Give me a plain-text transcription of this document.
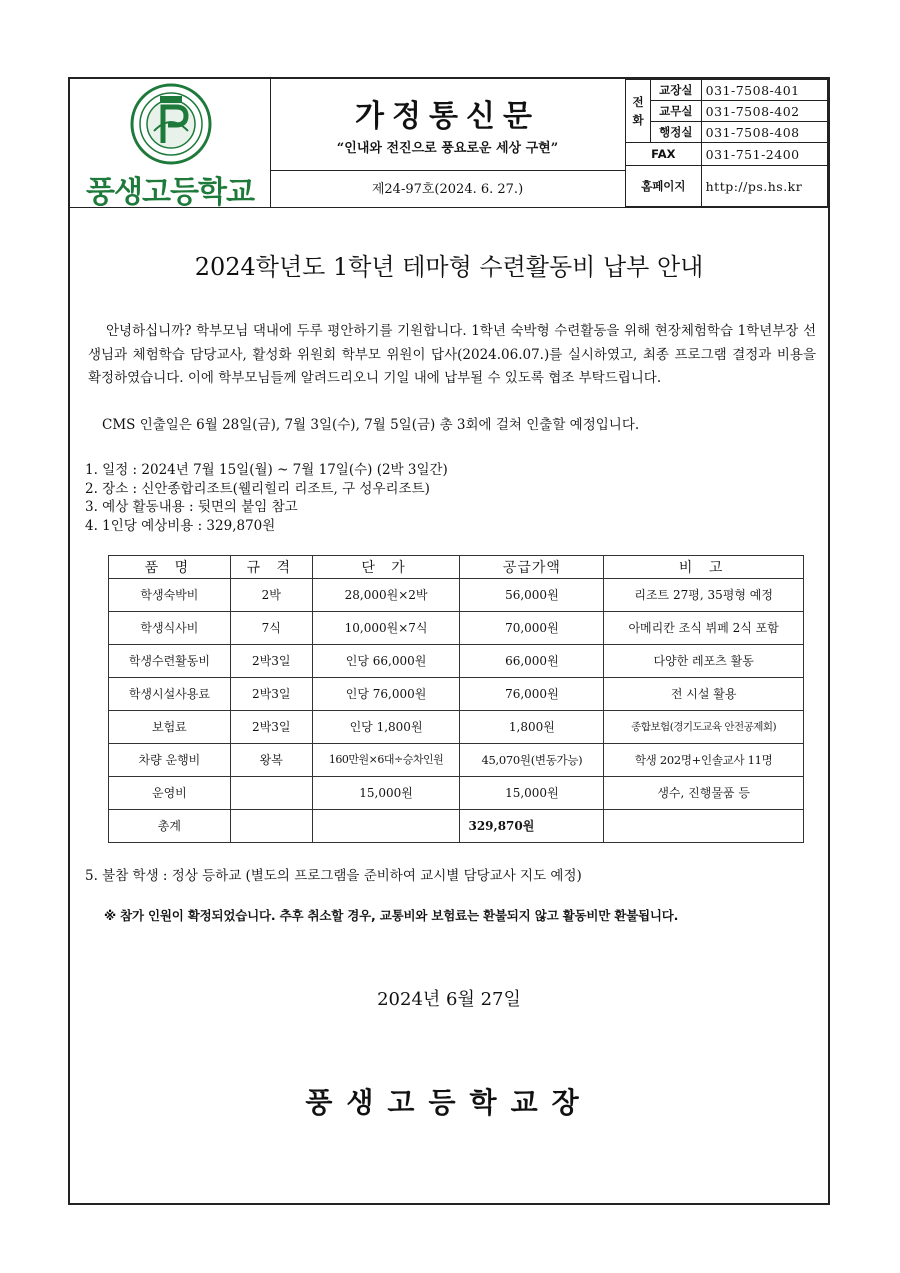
풍생고등학교
가정통신문
“인내와 전진으로 풍요로운 세상 구현”
제24-97호(2024. 6. 27.)
전화	교장실	031-7508-401
	교무실	031-7508-402
	행정실	031-7508-408
FAX		031-751-2400
홈페이지		http://ps.hs.kr
2024학년도 1학년 테마형 수련활동비 납부 안내
안녕하십니까? 학부모님 댁내에 두루 평안하기를 기원합니다. 1학년 숙박형 수련활동을 위해 현장체험학습 1학년부장 선생님과 체험학습 담당교사, 활성화 위원회 학부모 위원이 답사(2024.06.07.)를 실시하였고, 최종 프로그램 결정과 비용을 확정하였습니다. 이에 학부모님들께 알려드리오니 기일 내에 납부될 수 있도록 협조 부탁드립니다.
CMS 인출일은 6월 28일(금), 7월 3일(수), 7월 5일(금) 총 3회에 걸쳐 인출할 예정입니다.
1. 일정 : 2024년 7월 15일(월) ~ 7월 17일(수) (2박 3일간)
2. 장소 : 신안종합리조트(웰리힐리 리조트, 구 성우리조트)
3. 예상 활동내용 : 뒷면의 붙임 참고
4. 1인당 예상비용 : 329,870원
품 명	규 격	단 가	공급가액	비 고
학생숙박비	2박	28,000원×2박	56,000원	리조트 27평, 35평형 예정
학생식사비	7식	10,000원×7식	70,000원	아메리칸 조식 뷔페 2식 포함
학생수련활동비	2박3일	인당 66,000원	66,000원	다양한 레포츠 활동
학생시설사용료	2박3일	인당 76,000원	76,000원	전 시설 활용
보험료	2박3일	인당 1,800원	1,800원	종합보험(경기도교육 안전공제회)
차량 운행비	왕복	160만원×6대÷승차인원	45,070원(변동가능)	학생 202명+인솔교사 11명
운영비		15,000원	15,000원	생수, 진행물품 등
총계			329,870원	
5. 불참 학생 : 정상 등하교 (별도의 프로그램을 준비하여 교시별 담당교사 지도 예정)
※ 참가 인원이 확정되었습니다. 추후 취소할 경우, 교통비와 보험료는 환불되지 않고 활동비만 환불됩니다.
2024년 6월 27일
풍생고등학교장
